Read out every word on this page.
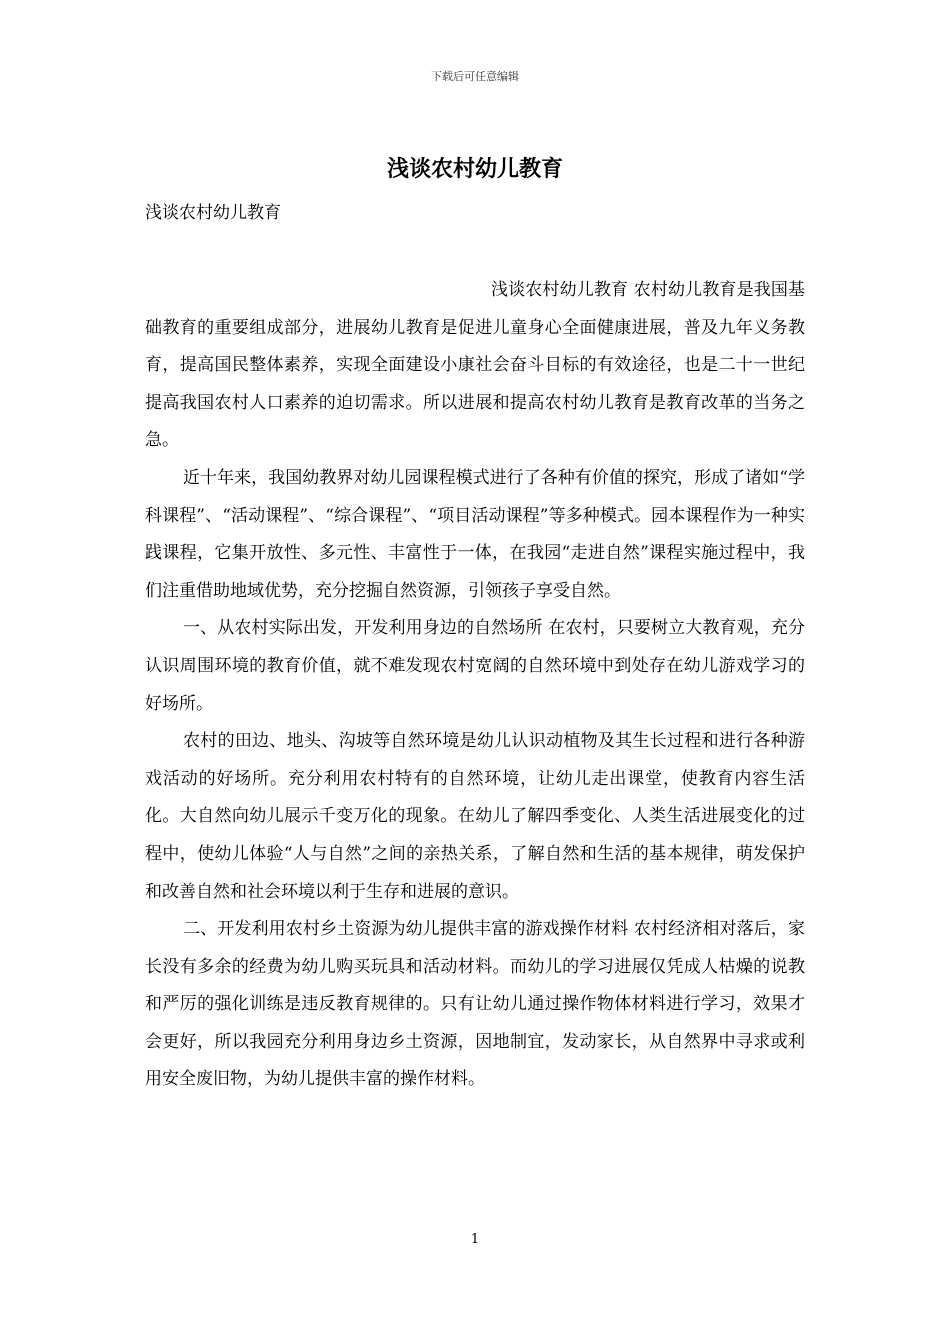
下载后可任意编辑
浅谈农村幼儿教育
浅谈农村幼儿教育

浅谈农村幼儿教育 农村幼儿教育是我国基础教育的重要组成部分，进展幼儿教育是促进儿童身心全面健康进展，普及九年义务教育，提高国民整体素养，实现全面建设小康社会奋斗目标的有效途径，也是二十一世纪提高我国农村人口素养的迫切需求。所以进展和提高农村幼儿教育是教育改革的当务之急。

近十年来，我国幼教界对幼儿园课程模式进行了各种有价值的探究，形成了诸如“学科课程”、“活动课程”、“综合课程”、“项目活动课程”等多种模式。园本课程作为一种实践课程，它集开放性、多元性、丰富性于一体，在我园“走进自然”课程实施过程中，我们注重借助地域优势，充分挖掘自然资源，引领孩子享受自然。

一、从农村实际出发，开发利用身边的自然场所 在农村，只要树立大教育观，充分认识周围环境的教育价值，就不难发现农村宽阔的自然环境中到处存在幼儿游戏学习的好场所。

农村的田边、地头、沟坡等自然环境是幼儿认识动植物及其生长过程和进行各种游戏活动的好场所。充分利用农村特有的自然环境，让幼儿走出课堂，使教育内容生活化。大自然向幼儿展示千变万化的现象。在幼儿了解四季变化、人类生活进展变化的过程中，使幼儿体验“人与自然”之间的亲热关系，了解自然和生活的基本规律，萌发保护和改善自然和社会环境以利于生存和进展的意识。

二、开发利用农村乡土资源为幼儿提供丰富的游戏操作材料 农村经济相对落后，家长没有多余的经费为幼儿购买玩具和活动材料。而幼儿的学习进展仅凭成人枯燥的说教和严厉的强化训练是违反教育规律的。只有让幼儿通过操作物体材料进行学习，效果才会更好，所以我园充分利用身边乡土资源，因地制宜，发动家长，从自然界中寻求或利用安全废旧物，为幼儿提供丰富的操作材料。

1
